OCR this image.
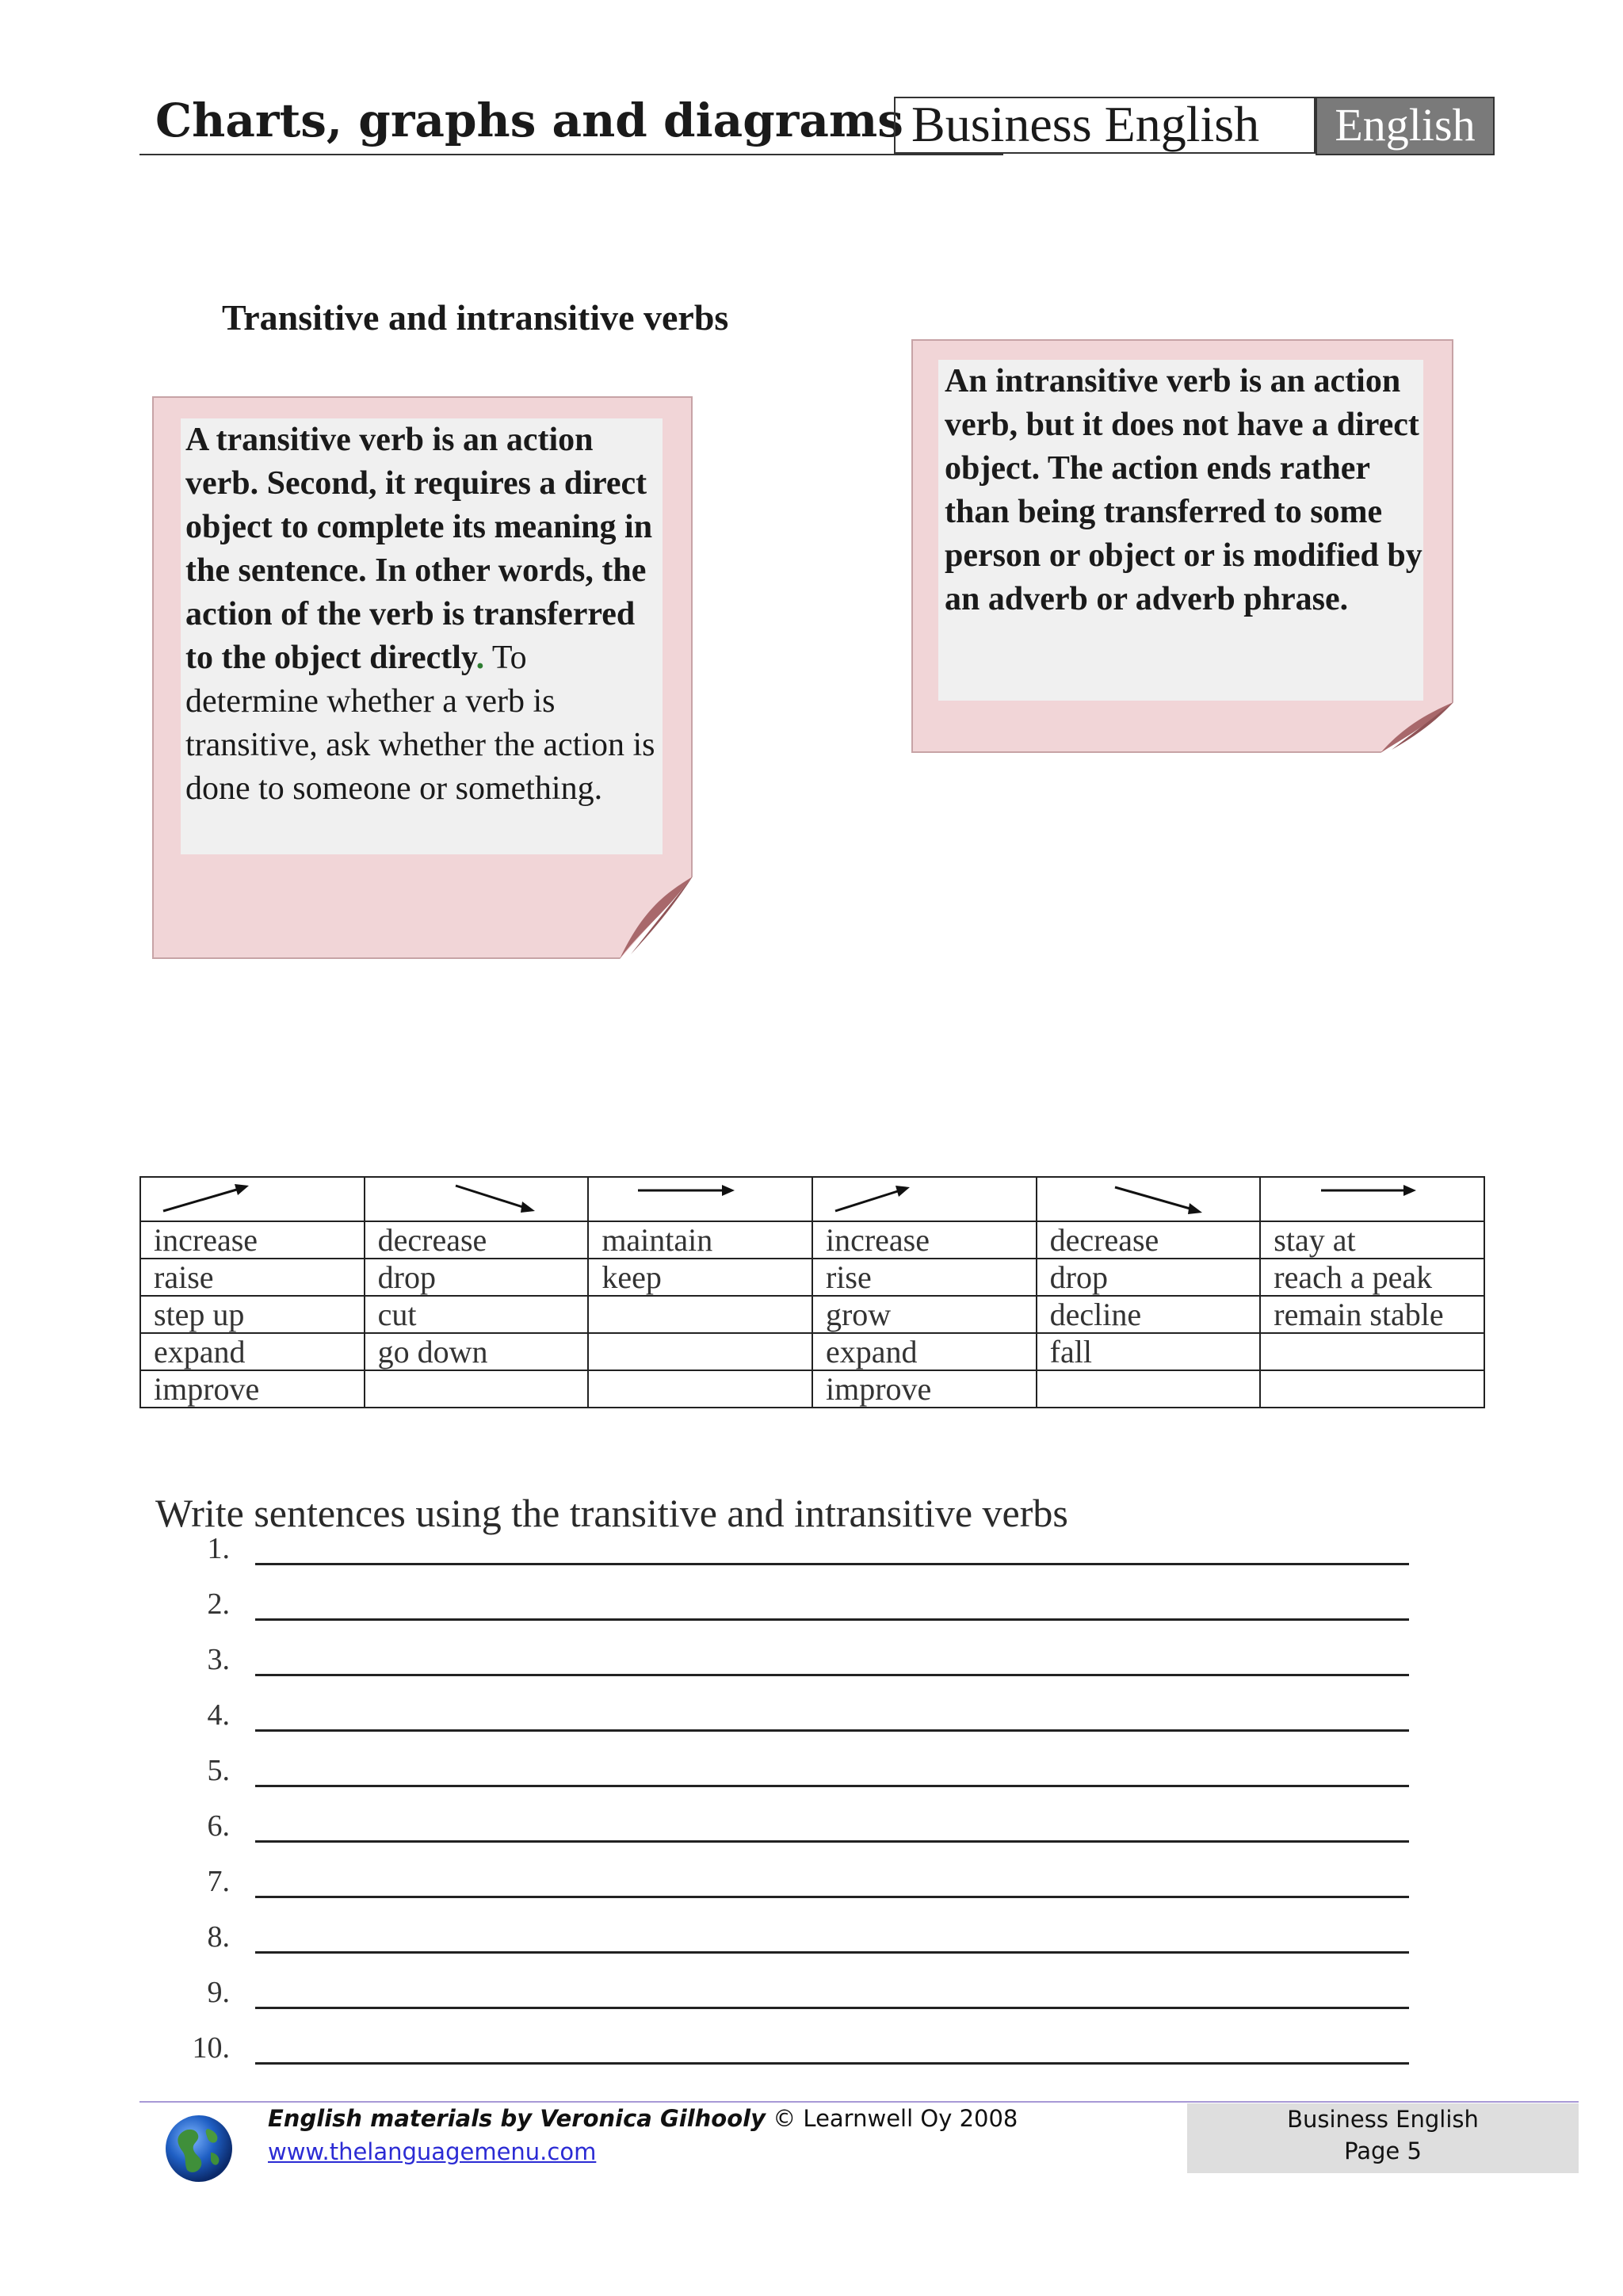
Charts, graphs and diagrams Business English	English
Transitive and intransitive verbs
A transitive verb is an action verb. Second, it requires a direct object to complete its meaning in the sentence. In other words, the action of the verb is transferred to the object directly. To determine whether a verb is transitive, ask whether the action is done to someone or something.
An intransitive verb is an action verb, but it does not have a direct object. The action ends rather than being transferred to some person or object or is modified by an adverb or adverb phrase.

increase	decrease	maintain	increase	decrease	stay at
raise	drop	keep	rise	drop	reach a peak
step up	cut		grow	decline	remain stable
expand	go down		expand	fall	
improve			improve		
Write sentences using the transitive and intransitive verbs
1.
2.
3.
4.
5.
6.
7.
8.
9.
10.
English materials by Veronica Gilhooly © Learnwell Oy 2008
www.thelanguagemenu.com
Business English
Page 5
